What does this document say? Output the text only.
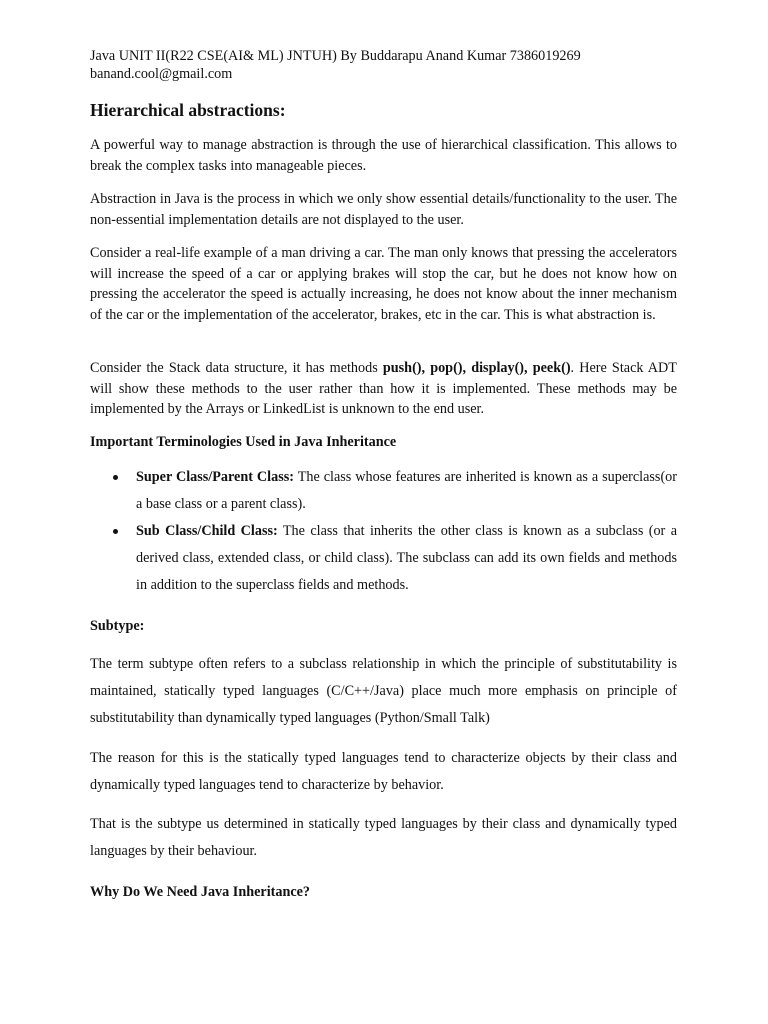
Java UNIT II(R22 CSE(AI& ML) JNTUH) By Buddarapu Anand Kumar 7386019269
banand.cool@gmail.com
Hierarchical abstractions:

A powerful way to manage abstraction is through the use of hierarchical classification. This allows to break the complex tasks into manageable pieces.

Abstraction in Java is the process in which we only show essential details/functionality to the user. The non-essential implementation details are not displayed to the user.

Consider a real-life example of a man driving a car. The man only knows that pressing the accelerators will increase the speed of a car or applying brakes will stop the car, but he does not know how on pressing the accelerator the speed is actually increasing, he does not know about the inner mechanism of the car or the implementation of the accelerator, brakes, etc in the car. This is what abstraction is.

Consider the Stack data structure, it has methods push(), pop(), display(), peek(). Here Stack ADT will show these methods to the user rather than how it is implemented. These methods may be implemented by the Arrays or LinkedList is unknown to the end user.

Important Terminologies Used in Java Inheritance

Super Class/Parent Class: The class whose features are inherited is known as a superclass(or a base class or a parent class).
Sub Class/Child Class: The class that inherits the other class is known as a subclass (or a derived class, extended class, or child class). The subclass can add its own fields and methods in addition to the superclass fields and methods.

Subtype:

The term subtype often refers to a subclass relationship in which the principle of substitutability is maintained, statically typed languages (C/C++/Java) place much more emphasis on principle of substitutability than dynamically typed languages (Python/Small Talk)

The reason for this is the statically typed languages tend to characterize objects by their class and dynamically typed languages tend to characterize by behavior.

That is the subtype us determined in statically typed languages by their class and dynamically typed languages by their behaviour.

Why Do We Need Java Inheritance?
